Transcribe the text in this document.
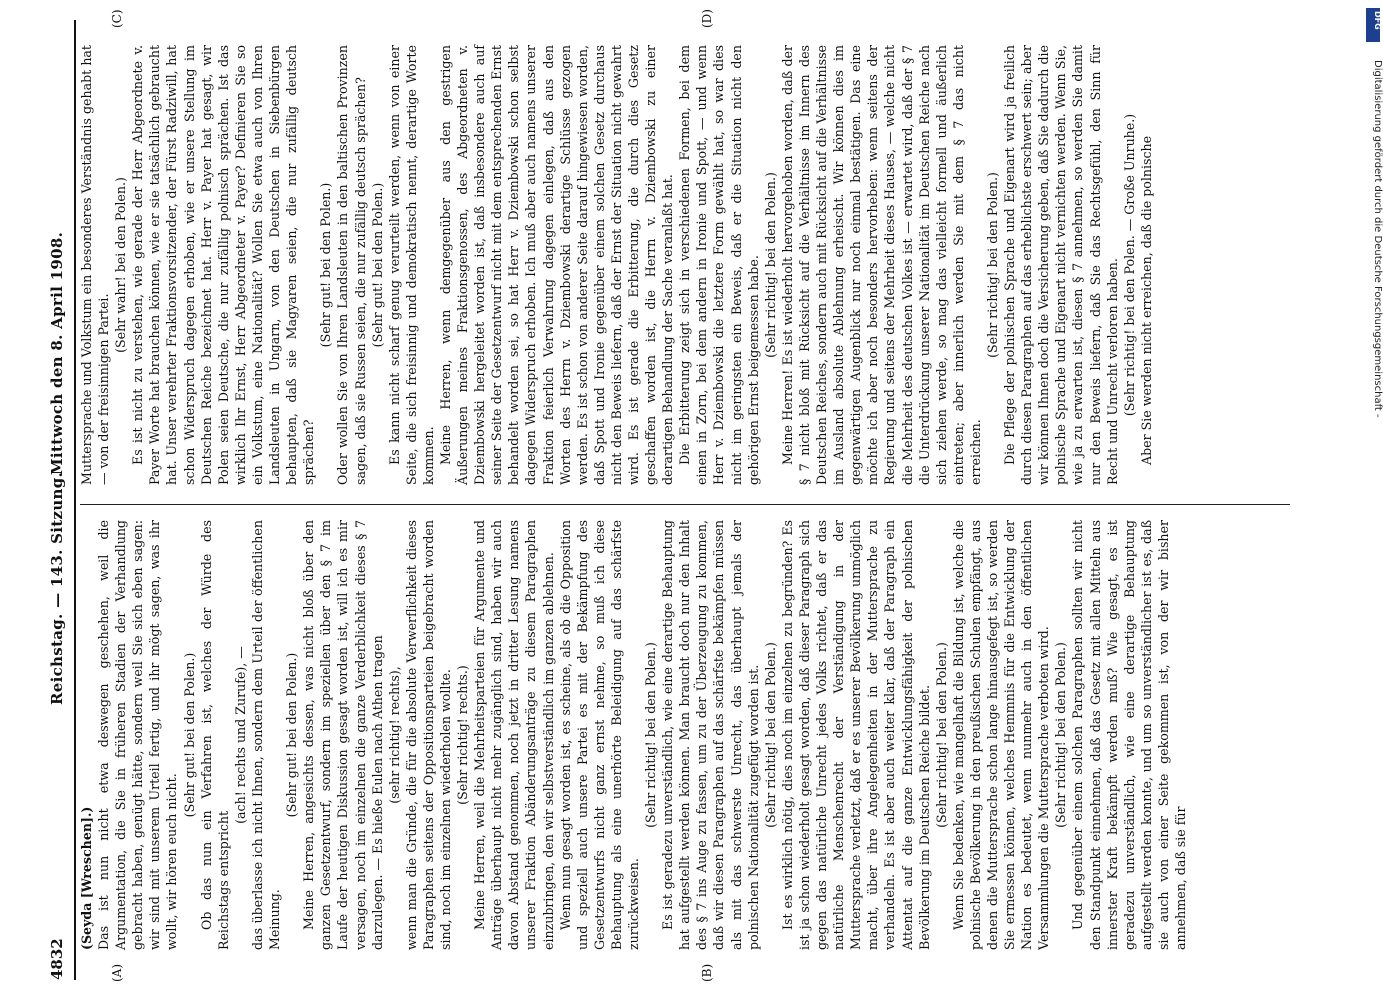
4832
Reichstag. — 143. Sitzung.
Mittwoch den 8. April 1908.
(A)	(B)
(C)	(D)

(Seyda [Wreschen].) Das ist nun nicht etwa deswegen geschehen, weil die Argumentation, die Sie in früheren Stadien der Verhandlung gebracht haben, genügt hätte, sondern weil Sie sich eben sagen: wir sind mit unserem Urteil fertig, und ihr mögt sagen, was ihr wollt, wir hören euch nicht.

(Sehr gut! bei den Polen.) Ob das nun ein Verfahren ist, welches der Würde des Reichstags entspricht

(ach! rechts und Zurufe), — das überlasse ich nicht Ihnen, sondern dem Urteil der öffentlichen Meinung.

(Sehr gut! bei den Polen.) Meine Herren, angesichts dessen, was nicht bloß über den ganzen Gesetzentwurf, sondern im speziellen über den § 7 im Laufe der heutigen Diskussion gesagt worden ist, will ich es mir versagen, noch im einzelnen die ganze Verderblichkeit dieses § 7 darzulegen. — Es hieße Eulen nach Athen tragen (sehr richtig! rechts), wenn man die Gründe, die für die absolute Verwerflichkeit dieses Paragraphen seitens der Oppositionsparteien beigebracht worden sind, noch im einzelnen wiederholen wollte. (Sehr richtig! rechts.) Meine Herren, weil die Mehrheitsparteien für Argumente und Anträge überhaupt nicht mehr zugänglich sind, haben wir auch davon Abstand genommen, noch jetzt in dritter Lesung namens unserer Fraktion Abänderungsanträge zu diesem Paragraphen einzubringen, den wir selbstverständlich im ganzen ablehnen. Wenn nun gesagt worden ist, es scheine, als ob die Opposition und speziell auch unsere Partei es mit der Bekämpfung des Gesetzentwurfs nicht ganz ernst nehme, so muß ich diese Behauptung als eine unerhörte Beleidigung auf das schärfste zurückweisen.

(Sehr richtig! bei den Polen.) Es ist geradezu unverständlich, wie eine derartige Behauptung hat aufgestellt werden können. Man braucht doch nur den Inhalt des § 7 ins Auge zu fassen, um zu der Überzeugung zu kommen, daß wir diesen Paragraphen auf das schärfste bekämpfen müssen als mit das schwerste Unrecht, das überhaupt jemals der polnischen Nationalität zugefügt worden ist. (Sehr richtig! bei den Polen.) Ist es wirklich nötig, dies noch im einzelnen zu begründen? Es ist ja schon wiederholt gesagt worden, daß dieser Paragraph sich gegen das natürliche Unrecht jedes Volks richtet, daß er das natürliche Menschenrecht der Verständigung in der Muttersprache verletzt, daß er es unserer Bevölkerung unmöglich macht, über ihre Angelegenheiten in der Muttersprache zu verhandeln. Es ist aber auch weiter klar, daß der Paragraph ein Attentat auf die ganze Entwicklungsfähigkeit der polnischen Bevölkerung im Deutschen Reiche bildet. (Sehr richtig! bei den Polen.) Wenn Sie bedenken, wie mangelhaft die Bildung ist, welche die polnische Bevölkerung in den preußischen Schulen empfängt, aus denen die Muttersprache schon lange hinausgefegt ist, so werden Sie ermessen können, welches Hemmnis für die Entwicklung der Nation es bedeutet, wenn nunmehr auch in den öffentlichen Versammlungen die Muttersprache verboten wird. (Sehr richtig! bei den Polen.) Und gegenüber einem solchen Paragraphen sollten wir nicht den Standpunkt einnehmen, daß das Gesetz mit allen Mitteln aus innerster Kraft bekämpft werden muß? Wie gesagt, es ist geradezu unverständlich, wie eine derartige Behauptung aufgestellt werden konnte, und um so unverständlicher ist es, daß sie auch von einer Seite gekommen ist, von der wir bisher annehmen, daß sie für

Muttersprache und Volkstum ein besonderes Verständnis gehabt hat — von der freisinnigen Partei.

(Sehr wahr! bei den Polen.) Es ist nicht zu verstehen, wie gerade der Herr Abgeordnete v. Payer Worte hat brauchen können, wie er sie tatsächlich gebraucht hat. Unser verehrter Fraktionsvorsitzender, der Fürst Radziwill, hat schon Widerspruch dagegen erhoben, wie er unsere Stellung im Deutschen Reiche bezeichnet hat. Herr v. Payer hat gesagt, wir Polen seien Deutsche, die nur zufällig polnisch sprächen. Ist das wirklich Ihr Ernst, Herr Abgeordneter v. Payer? Definieren Sie so ein Volkstum, eine Nationalität? Wollen Sie etwa auch von Ihren Landsleuten in Ungarn, von den Deutschen in Siebenbürgen behaupten, daß sie Magyaren seien, die nur zufällig deutsch sprächen?

(Sehr gut! bei den Polen.) Oder wollen Sie von Ihren Landsleuten in den baltischen Provinzen sagen, daß sie Russen seien, die nur zufällig deutsch sprächen? (Sehr gut! bei den Polen.) Es kann nicht scharf genug verurteilt werden, wenn von einer Seite, die sich freisinnig und demokratisch nennt, derartige Worte kommen. Meine Herren, wenn demgegenüber aus den gestrigen Äußerungen meines Fraktionsgenossen, des Abgeordneten v. Dziembowski hergeleitet worden ist, daß insbesondere auch auf seiner Seite der Gesetzentwurf nicht mit dem entsprechenden Ernst behandelt worden sei, so hat Herr v. Dziembowski schon selbst dagegen Widerspruch erhoben. Ich muß aber auch namens unserer Fraktion feierlich Verwahrung dagegen einlegen, daß aus den Worten des Herrn v. Dziembowski derartige Schlüsse gezogen werden. Es ist schon von anderer Seite darauf hingewiesen worden, daß Spott und Ironie gegenüber einem solchen Gesetz durchaus nicht den Beweis liefern, daß der Ernst der Situation nicht gewahrt wird. Es ist gerade die Erbitterung, die durch dies Gesetz geschaffen worden ist, die Herrn v. Dziembowski zu einer derartigen Behandlung der Sache veranlaßt hat. Die Erbitterung zeigt sich in verschiedenen Formen, bei dem einen in Zorn, bei dem andern in Ironie und Spott, — und wenn Herr v. Dziembowski die letztere Form gewählt hat, so war dies nicht im geringsten ein Beweis, daß er die Situation nicht den gehörigen Ernst beigemessen habe. (Sehr richtig! bei den Polen.) Meine Herren! Es ist wiederholt hervorgehoben worden, daß der § 7 nicht bloß mit Rücksicht auf die Verhältnisse im Innern des Deutschen Reiches, sondern auch mit Rücksicht auf die Verhältnisse im Ausland absolute Ablehnung erheischt. Wir können dies im gegenwärtigen Augenblick nur noch einmal bestätigen. Das eine möchte ich aber noch besonders hervorheben: wenn seitens der Regierung und seitens der Mehrheit dieses Hauses, — welche nicht die Mehrheit des deutschen Volkes ist — erwartet wird, daß der § 7 die Unterdrückung unserer Nationalität im Deutschen Reiche nach sich ziehen werde, so mag das vielleicht formell und äußerlich eintreten; aber innerlich werden Sie mit dem § 7 das nicht erreichen.

(Sehr richtig! bei den Polen.) Die Pflege der polnischen Sprache und Eigenart wird ja freilich durch diesen Paragraphen auf das erheblichste erschwert sein; aber wir können Ihnen doch die Versicherung geben, daß Sie dadurch die polnische Sprache und Eigenart nicht vernichten werden. Wenn Sie, wie ja zu erwarten ist, diesen § 7 annehmen, so werden Sie damit nur den Beweis liefern, daß Sie das Rechtsgefühl, den Sinn für Recht und Unrecht verloren haben. (Sehr richtig! bei den Polen. — Große Unruhe.) Aber Sie werden nicht erreichen, daß die polnische

DFG
Digitalisierung gefördert durch die Deutsche Forschungsgemeinschaft -
